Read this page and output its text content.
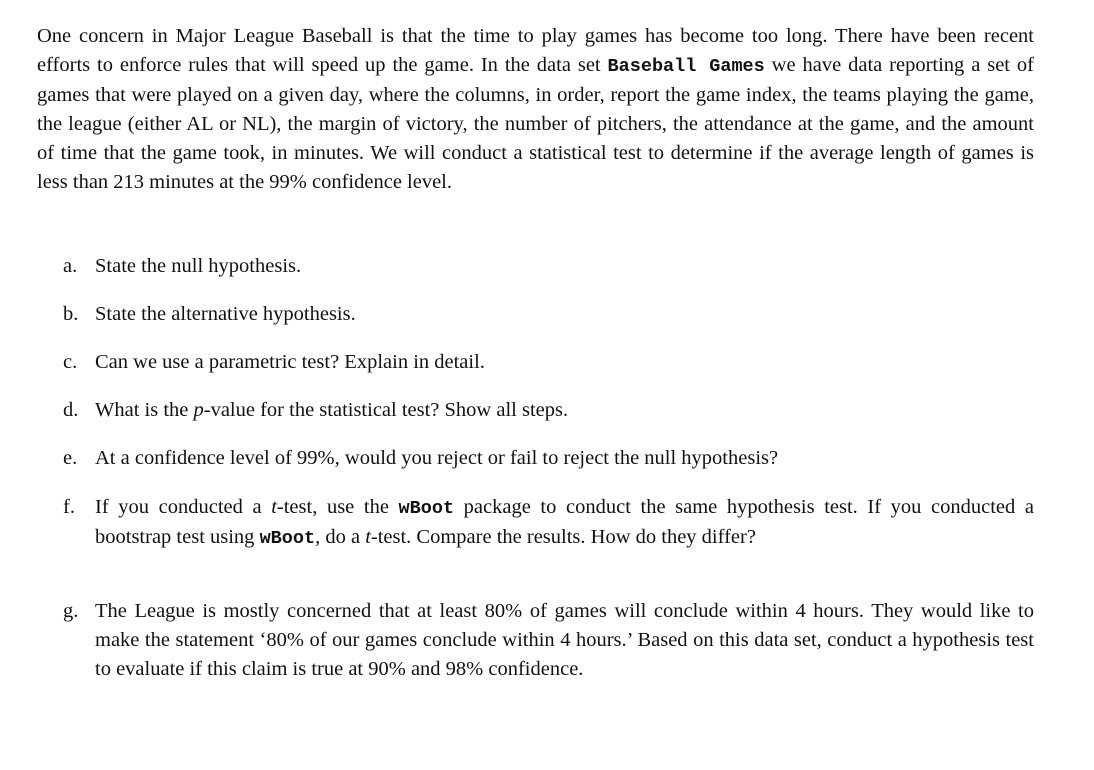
One concern in Major League Baseball is that the time to play games has become too long. There have been recent efforts to enforce rules that will speed up the game. In the data set Baseball Games we have data reporting a set of games that were played on a given day, where the columns, in order, report the game index, the teams playing the game, the league (either AL or NL), the margin of victory, the number of pitchers, the attendance at the game, and the amount of time that the game took, in minutes. We will conduct a statistical test to determine if the average length of games is less than 213 minutes at the 99% confidence level.

a. State the null hypothesis.
b. State the alternative hypothesis.
c. Can we use a parametric test? Explain in detail.
d. What is the p-value for the statistical test? Show all steps.
e. At a confidence level of 99%, would you reject or fail to reject the null hypothesis?
f. If you conducted a t-test, use the wBoot package to conduct the same hypothesis test. If you conducted a bootstrap test using wBoot, do a t-test. Compare the results. How do they differ?
g. The League is mostly concerned that at least 80% of games will conclude within 4 hours. They would like to make the statement ‘80% of our games conclude within 4 hours.’ Based on this data set, conduct a hypothesis test to evaluate if this claim is true at 90% and 98% confidence.
